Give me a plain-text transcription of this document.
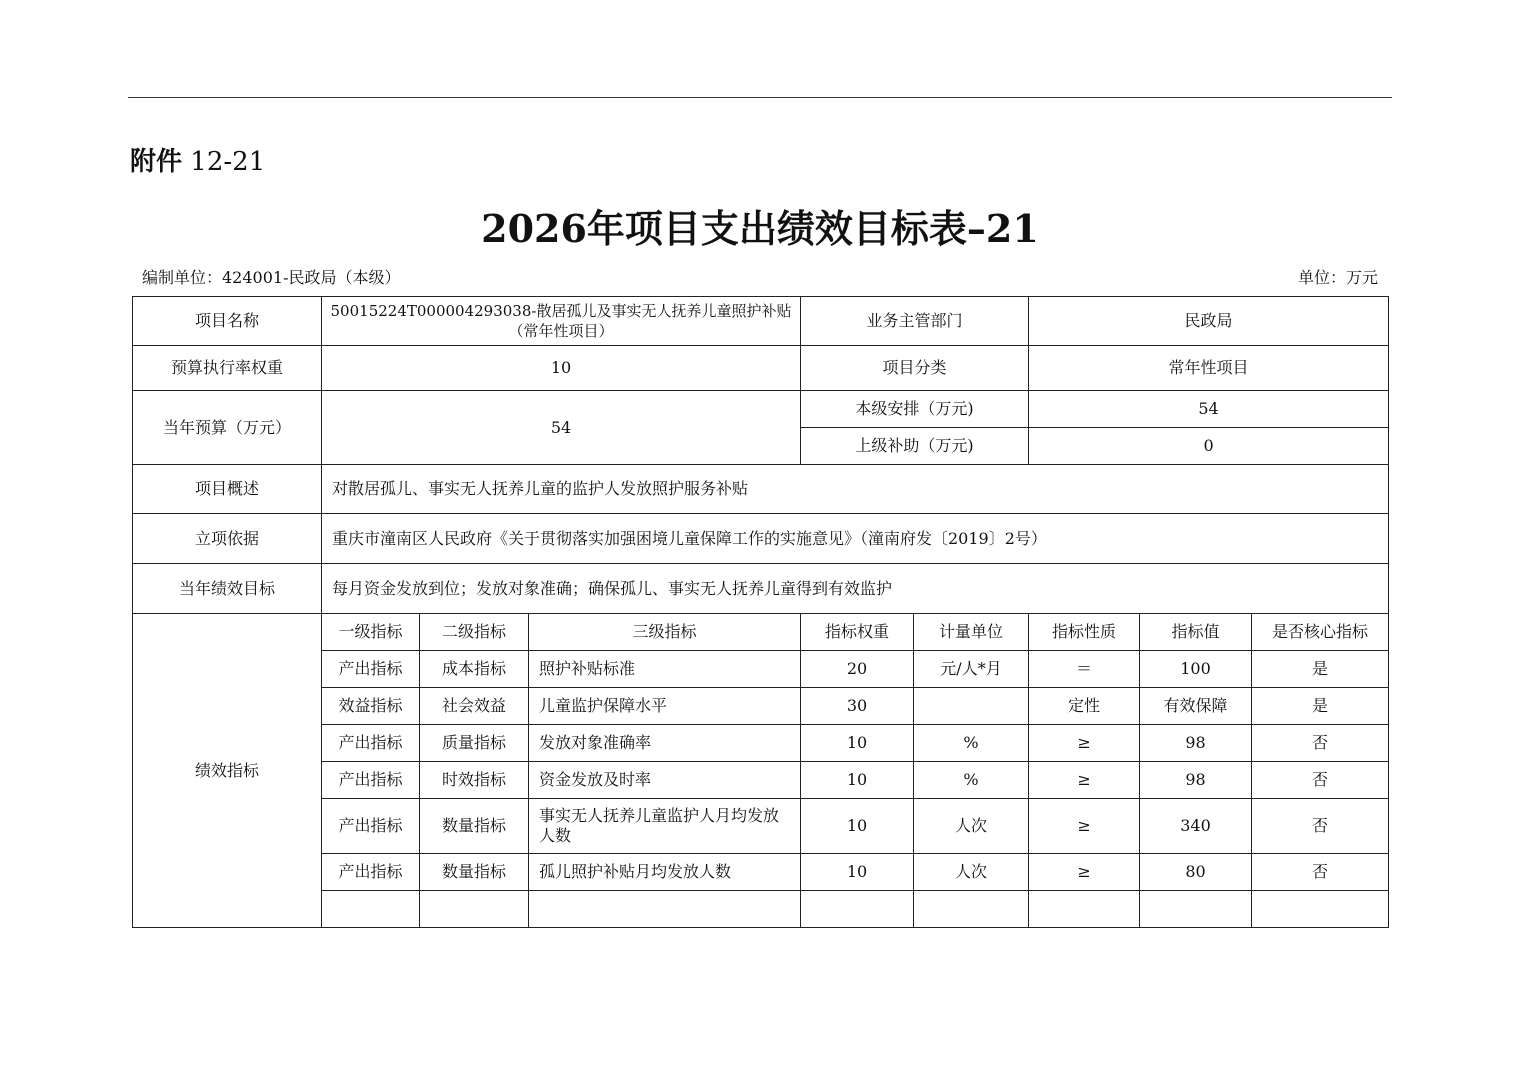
附件 12-21
2026年项目支出绩效目标表–21
编制单位：424001-民政局（本级）	单位：万元
项目名称	50015224T000004293038-散居孤儿及事实无人抚养儿童照护补贴（常年性项目）			业务主管部门		民政局		
预算执行率权重	10			项目分类		常年性项目		
当年预算（万元）	54			本级安排（万元)		54		
				上级补助（万元)		0		
项目概述	对散居孤儿、事实无人抚养儿童的监护人发放照护服务补贴							
立项依据	重庆市潼南区人民政府《关于贯彻落实加强困境儿童保障工作的实施意见》（潼南府发〔2019〕2号）							
当年绩效目标	每月资金发放到位；发放对象准确；确保孤儿、事实无人抚养儿童得到有效监护							
绩效指标	一级指标	二级指标	三级指标	指标权重	计量单位	指标性质	指标值	是否核心指标
	产出指标	成本指标	照护补贴标准	20	元/人*月	＝	100	是
	效益指标	社会效益	儿童监护保障水平	30		定性	有效保障	是
	产出指标	质量指标	发放对象准确率	10	%	≥	98	否
	产出指标	时效指标	资金发放及时率	10	%	≥	98	否
	产出指标	数量指标	事实无人抚养儿童监护人月均发放人数	10	人次	≥	340	否
	产出指标	数量指标	孤儿照护补贴月均发放人数	10	人次	≥	80	否
